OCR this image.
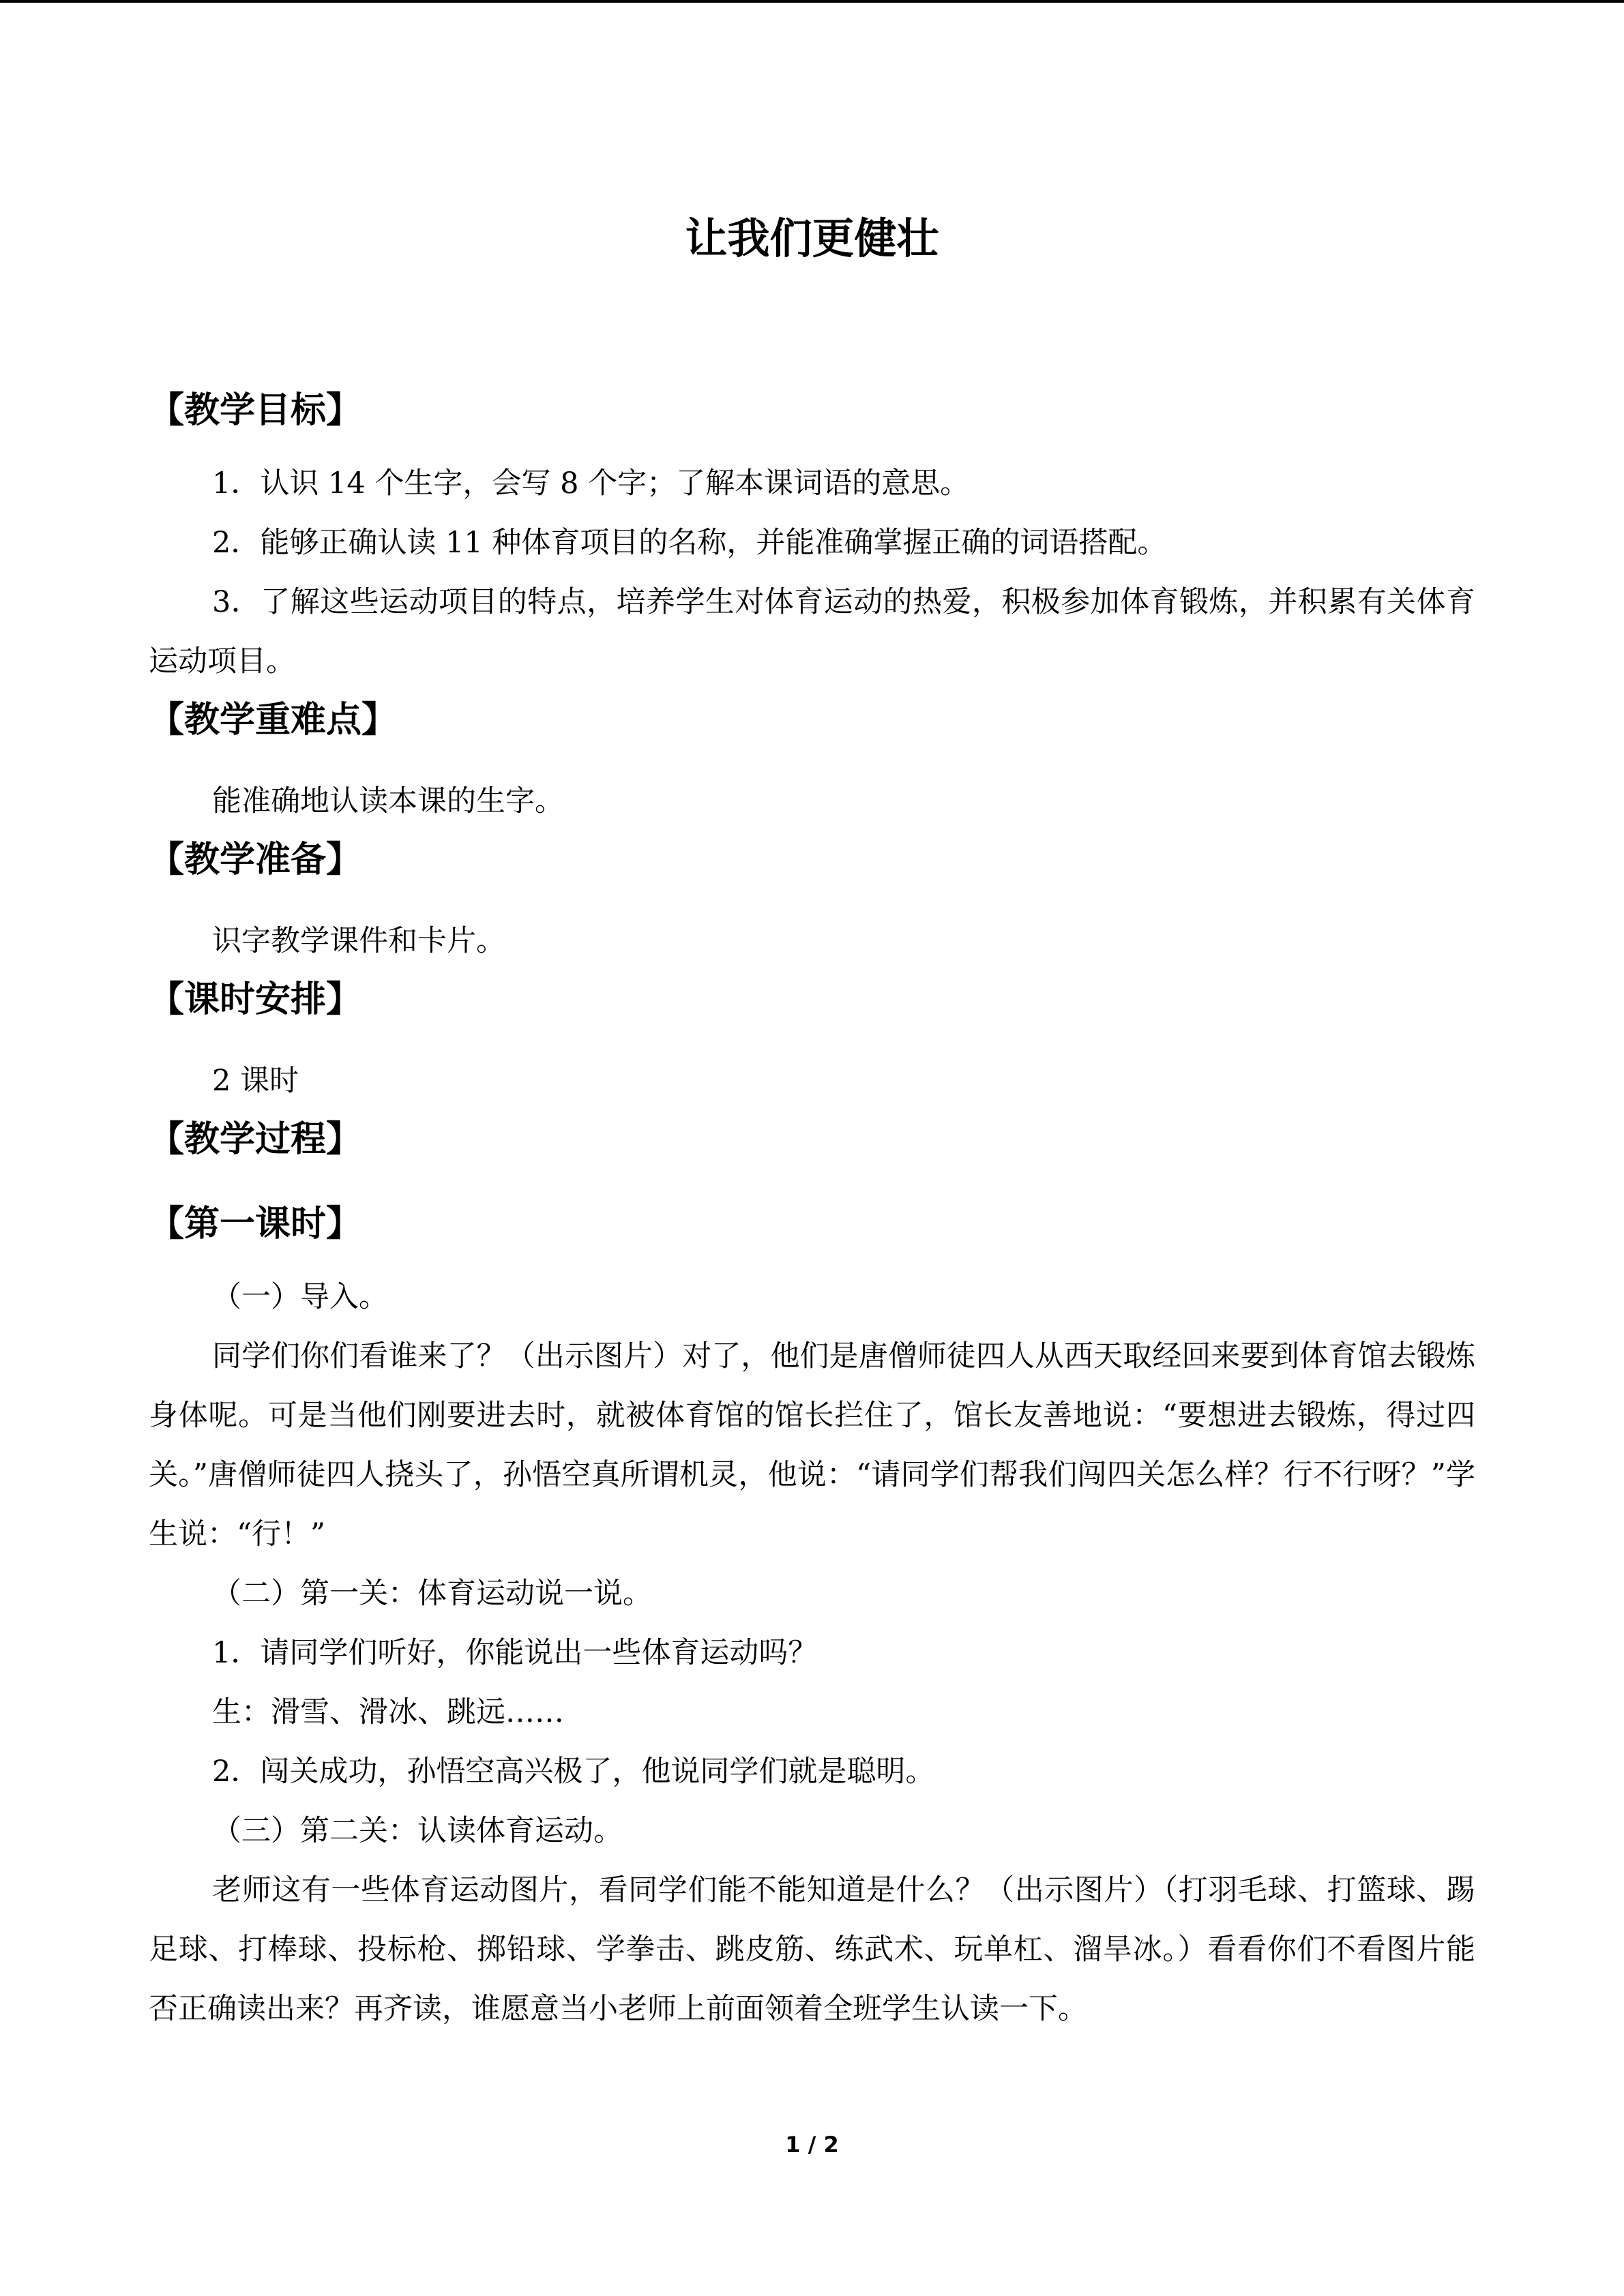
让我们更健壮
【教学目标】

1．认识 14 个生字，会写 8 个字；了解本课词语的意思。

2．能够正确认读 11 种体育项目的名称，并能准确掌握正确的词语搭配。

3．了解这些运动项目的特点，培养学生对体育运动的热爱，积极参加体育锻炼，并积累有关体育运动项目。

【教学重难点】

能准确地认读本课的生字。

【教学准备】

识字教学课件和卡片。

【课时安排】

2 课时

【教学过程】
【第一课时】

（一）导入。

同学们你们看谁来了？（出示图片）对了，他们是唐僧师徒四人从西天取经回来要到体育馆去锻炼身体呢。可是当他们刚要进去时，就被体育馆的馆长拦住了，馆长友善地说：“要想进去锻炼，得过四关。”唐僧师徒四人挠头了，孙悟空真所谓机灵，他说：“请同学们帮我们闯四关怎么样？行不行呀？”学生说：“行！”

（二）第一关：体育运动说一说。

1．请同学们听好，你能说出一些体育运动吗？

生：滑雪、滑冰、跳远……

2．闯关成功，孙悟空高兴极了，他说同学们就是聪明。

（三）第二关：认读体育运动。

老师这有一些体育运动图片，看同学们能不能知道是什么？（出示图片）（打羽毛球、打篮球、踢足球、打棒球、投标枪、掷铅球、学拳击、跳皮筋、练武术、玩单杠、溜旱冰。）看看你们不看图片能否正确读出来？再齐读，谁愿意当小老师上前面领着全班学生认读一下。

1 / 2
